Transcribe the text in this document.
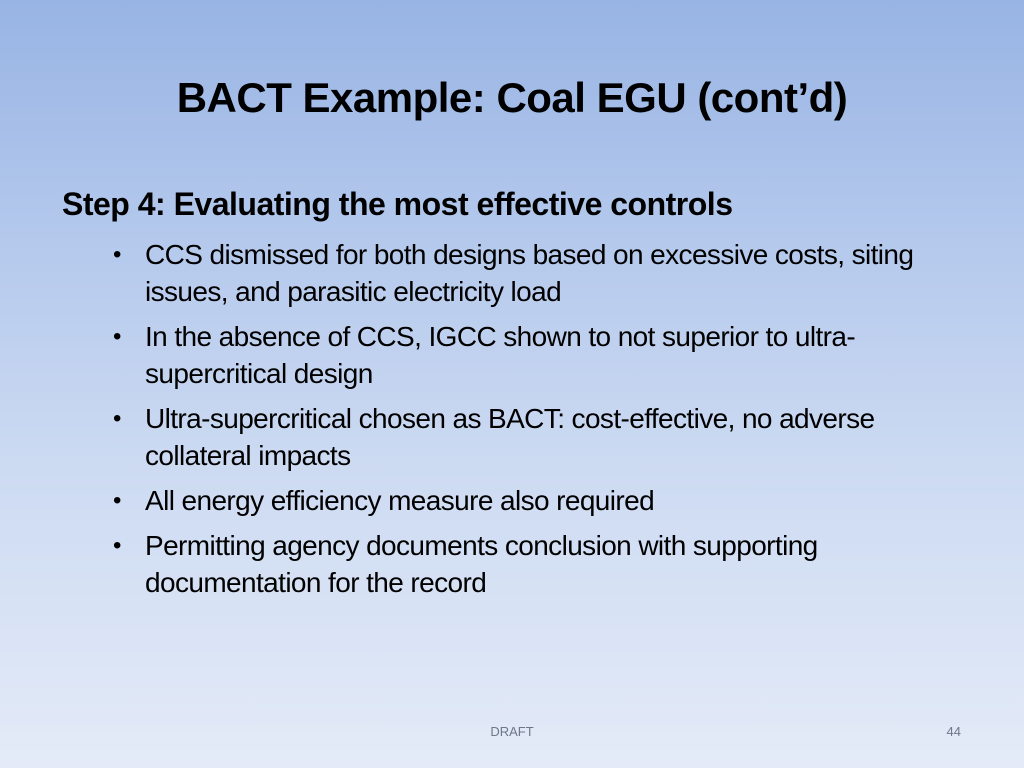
BACT Example: Coal EGU (cont’d)
Step 4: Evaluating the most effective controls
• CCS dismissed for both designs based on excessive costs, siting issues, and parasitic electricity load
• In the absence of CCS, IGCC shown to not superior to ultra-supercritical design
• Ultra-supercritical chosen as BACT: cost-effective, no adverse collateral impacts
• All energy efficiency measure also required
• Permitting agency documents conclusion with supporting documentation for the record
DRAFT	44
